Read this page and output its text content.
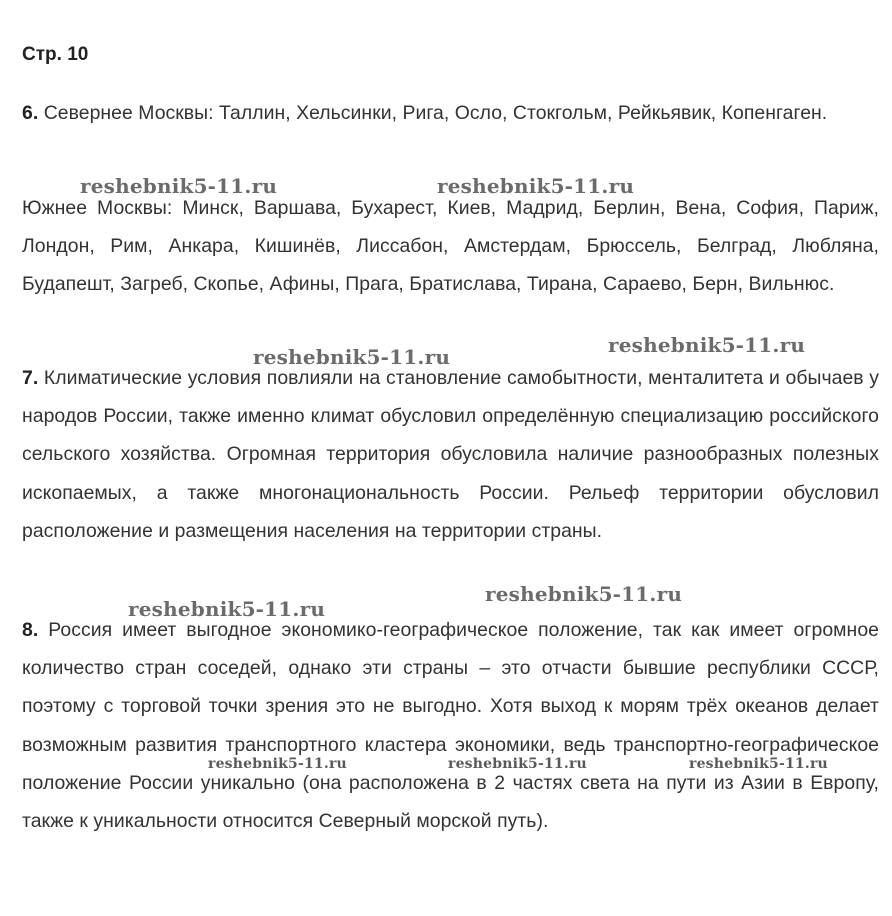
Стр. 10

6. Севернее Москвы: Таллин, Хельсинки, Рига, Осло, Стокгольм, Рейкьявик, Копенгаген.

Южнее Москвы: Минск, Варшава, Бухарест, Киев, Мадрид, Берлин, Вена, София, Париж, Лондон, Рим, Анкара, Кишинёв, Лиссабон, Амстердам, Брюссель, Белград, Любляна, Будапешт, Загреб, Скопье, Афины, Прага, Братислава, Тирана, Сараево, Берн, Вильнюс.

7. Климатические условия повлияли на становление самобытности, менталитета и обычаев у народов России, также именно климат обусловил определённую специализацию российского сельского хозяйства. Огромная территория обусловила наличие разнообразных полезных ископаемых, а также многонациональность России. Рельеф территории обусловил расположение и размещения населения на территории страны.

8. Россия имеет выгодное экономико-географическое положение, так как имеет огромное количество стран соседей, однако эти страны – это отчасти бывшие республики СССР, поэтому с торговой точки зрения это не выгодно. Хотя выход к морям трёх океанов делает возможным развития транспортного кластера экономики, ведь транспортно-географическое положение России уникально (она расположена в 2 частях света на пути из Азии в Европу, также к уникальности относится Северный морской путь).

reshebnik5-11.ru	reshebnik5-11.ru
reshebnik5-11.ru	reshebnik5-11.ru
reshebnik5-11.ru
reshebnik5-11.ru
reshebnik5-11.ru	reshebnik5-11.ru	reshebnik5-11.ru
